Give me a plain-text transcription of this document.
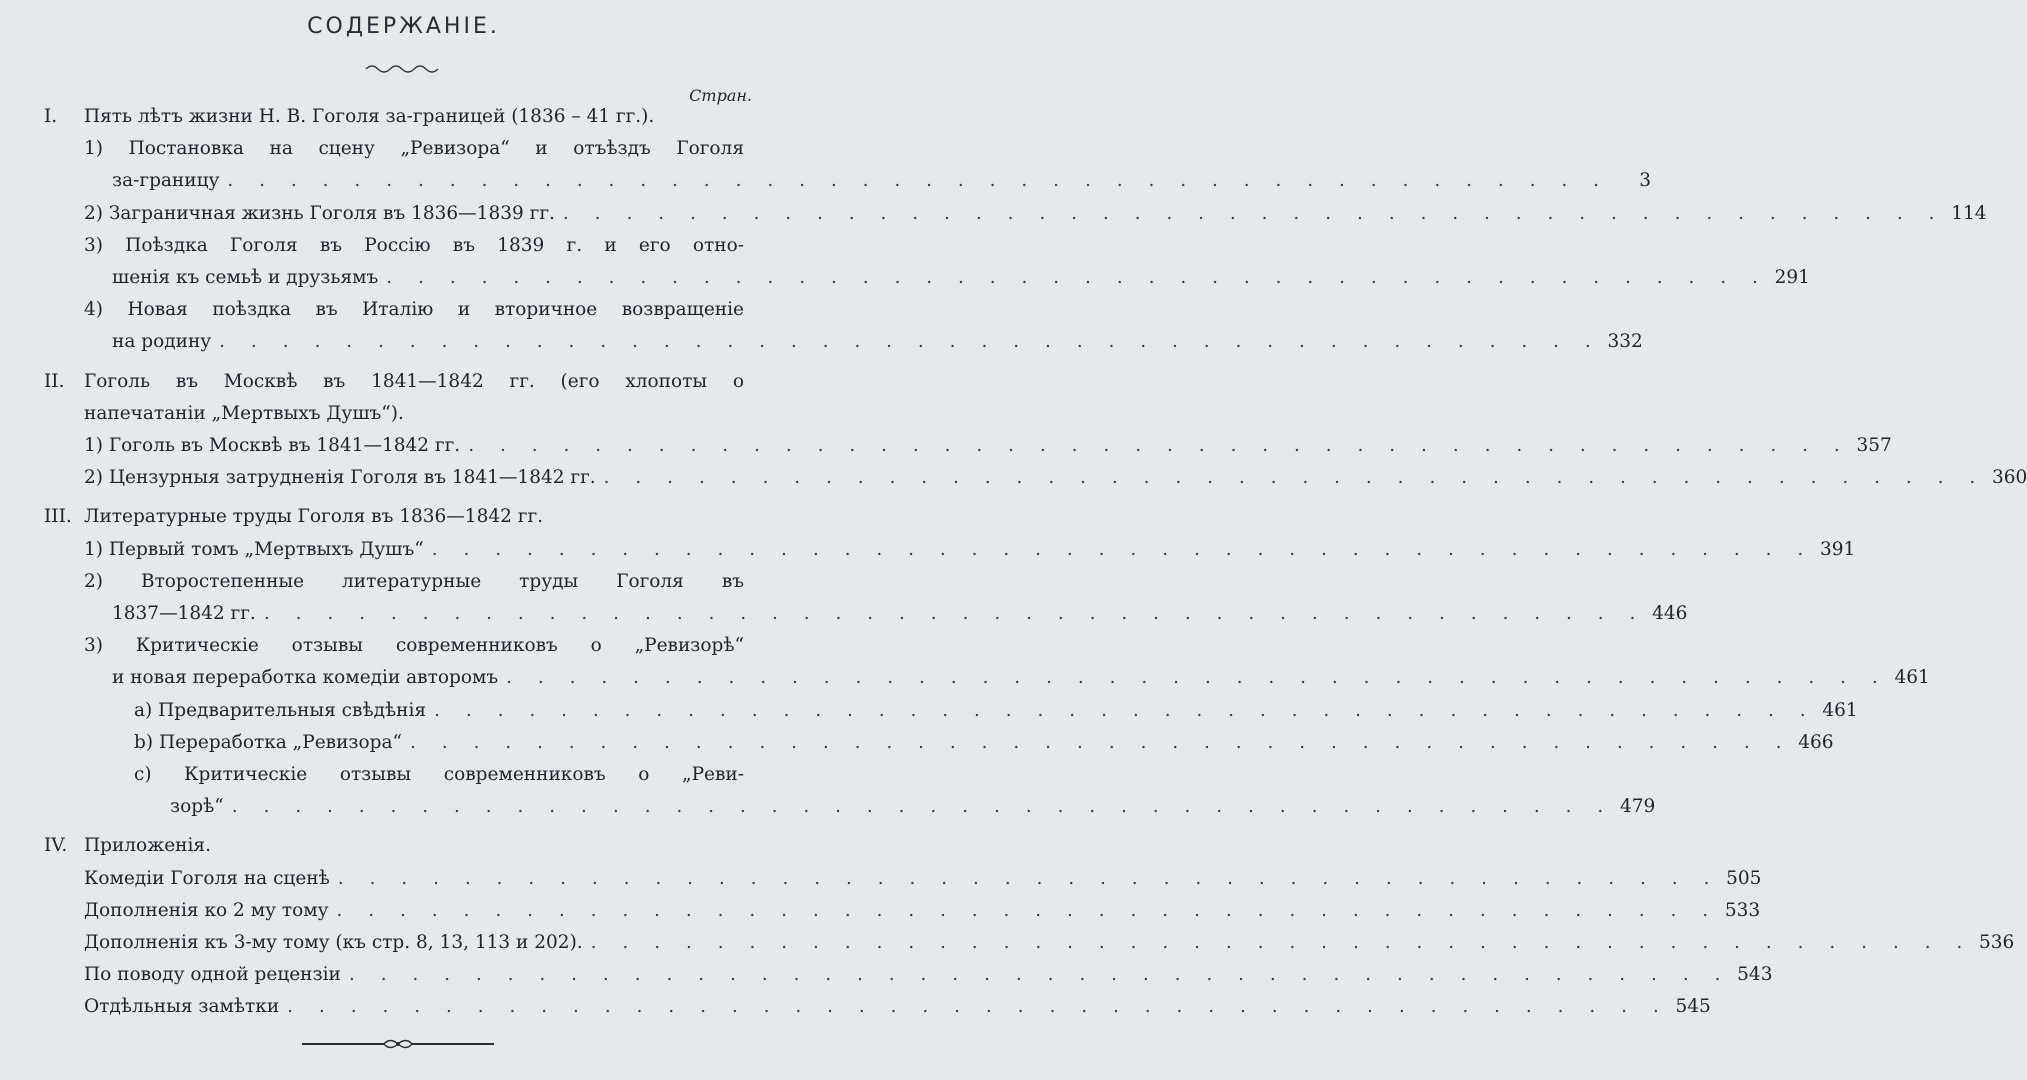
СОДЕРЖАНІЕ.
Стран.
I.	Пять лѣтъ жизни Н. В. Гоголя за-границей (1836 – 41 гг.).
1) Постановка на сцену „Ревизора“ и отъѣздъ Гоголя
за-границу . . . . . . . . . . . . . . . . . . . . . . . . . . . . . . . . . . . . . . . . . . . .	3
2) Заграничная жизнь Гоголя въ 1836—1839 гг. . . . . . . . . . . . . . . . . . . . . . . . . . . . . . . . . . . . . . . . . . . . . 114
3) Поѣздка Гоголя въ Россію въ 1839 г. и его отно-
шенія къ семьѣ и друзьямъ . . . . . . . . . . . . . . . . . . . . . . . . . . . . . . . . . . . . . . . . . . . . 291
4) Новая поѣздка въ Италію и вторичное возвращеніе
на родину . . . . . . . . . . . . . . . . . . . . . . . . . . . . . . . . . . . . . . . . . . . . 332
II.	Гоголь въ Москвѣ въ 1841—1842 гг. (его хлопоты о
напечатаніи „Мертвыхъ Душъ“).
1) Гоголь въ Москвѣ въ 1841—1842 гг. . . . . . . . . . . . . . . . . . . . . . . . . . . . . . . . . . . . . . . . . . . . . 357
2) Цензурныя затрудненія Гоголя въ 1841—1842 гг. . . . . . . . . . . . . . . . . . . . . . . . . . . . . . . . . . . . . . . . . . . . . 360
III. Литературные труды Гоголя въ 1836—1842 гг.
1) Первый томъ „Мертвыхъ Душъ“ . . . . . . . . . . . . . . . . . . . . . . . . . . . . . . . . . . . . . . . . . . . . 391
2) Второстепенные литературные труды Гоголя въ
1837—1842 гг. . . . . . . . . . . . . . . . . . . . . . . . . . . . . . . . . . . . . . . . . . . . . 446
3) Критическіе отзывы современниковъ о „Ревизорѣ“
и новая переработка комедіи авторомъ . . . . . . . . . . . . . . . . . . . . . . . . . . . . . . . . . . . . . . . . . . . . 461
а) Предварительныя свѣдѣнія . . . . . . . . . . . . . . . . . . . . . . . . . . . . . . . . . . . . . . . . . . . . 461
b) Переработка „Ревизора“ . . . . . . . . . . . . . . . . . . . . . . . . . . . . . . . . . . . . . . . . . . . . 466
c) Критическіе отзывы современниковъ о „Реви-
зорѣ“ . . . . . . . . . . . . . . . . . . . . . . . . . . . . . . . . . . . . . . . . . . . . 479
IV. Приложенія.
Комедіи Гоголя на сценѣ . . . . . . . . . . . . . . . . . . . . . . . . . . . . . . . . . . . . . . . . . . . . 505
Дополненія ко 2 му тому . . . . . . . . . . . . . . . . . . . . . . . . . . . . . . . . . . . . . . . . . . . . 533
Дополненія къ 3-му тому (къ стр. 8, 13, 113 и 202). . . . . . . . . . . . . . . . . . . . . . . . . . . . . . . . . . . . . . . . . . . . . 536
По поводу одной рецензіи . . . . . . . . . . . . . . . . . . . . . . . . . . . . . . . . . . . . . . . . . . . . 543
Отдѣльныя замѣтки . . . . . . . . . . . . . . . . . . . . . . . . . . . . . . . . . . . . . . . . . . . . 545
